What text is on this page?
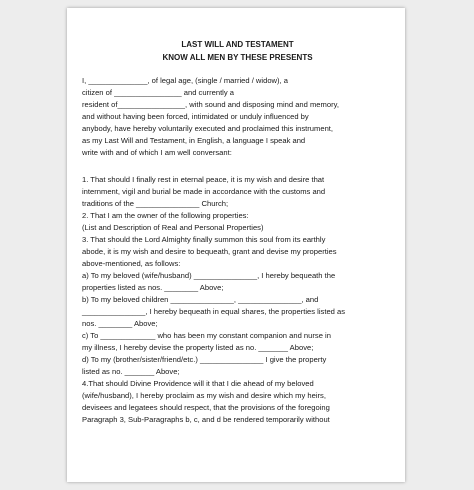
LAST WILL AND TESTAMENT
KNOW ALL MEN BY THESE PRESENTS
I, ______________, of legal age, (single / married / widow), a
citizen of ________________ and currently a
resident of________________, with sound and disposing mind and memory,
and without having been forced, intimidated or unduly influenced by
anybody, have hereby voluntarily executed and proclaimed this instrument,
as my Last Will and Testament, in English, a language I speak and
write with and of which I am well conversant:
1. That should I finally rest in eternal peace, it is my wish and desire that
internment, vigil and burial be made in accordance with the customs and
traditions of the _______________ Church;
2. That I am the owner of the following properties:
(List and Description of Real and Personal Properties)
3. That should the Lord Almighty finally summon this soul from its earthly
abode, it is my wish and desire to bequeath, grant and devise my properties
above-mentioned, as follows:
a) To my beloved (wife/husband) _______________, I hereby bequeath the
properties listed as nos. ________ Above;
b) To my beloved children _______________, _______________, and
_______________, I hereby bequeath in equal shares, the properties listed as
nos. ________ Above;
c) To _____________ who has been my constant companion and nurse in
my illness, I hereby devise the property listed as no. _______ Above;
d) To my (brother/sister/friend/etc.) _______________ I give the property
listed as no. _______ Above;
4.That should Divine Providence will it that I die ahead of my beloved
(wife/husband), I hereby proclaim as my wish and desire which my heirs,
devisees and legatees should respect, that the provisions of the foregoing
Paragraph 3, Sub-Paragraphs b, c, and d be rendered temporarily without
